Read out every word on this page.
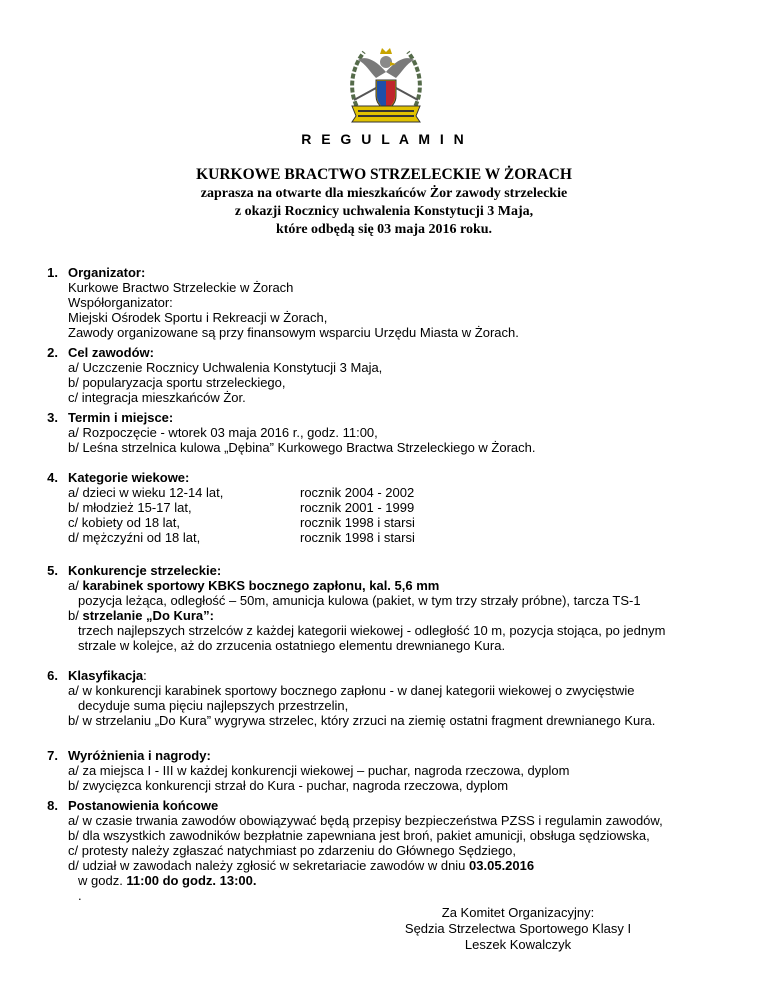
R E G U L A M I N
KURKOWE BRACTWO STRZELECKIE W ŻORACH
zaprasza na otwarte dla mieszkańców Żor zawody strzeleckie
z okazji Rocznicy uchwalenia Konstytucji 3 Maja,
które odbędą się 03 maja 2016 roku.
1. Organizator:
Kurkowe Bractwo Strzeleckie w Żorach
Współorganizator:
Miejski Ośrodek Sportu i Rekreacji w Żorach,
Zawody organizowane są przy finansowym wsparciu Urzędu Miasta w Żorach.
2. Cel zawodów:
a/ Uczczenie Rocznicy Uchwalenia Konstytucji 3 Maja,
b/ popularyzacja sportu strzeleckiego,
c/ integracja mieszkańców Żor.
3. Termin i miejsce:
a/ Rozpoczęcie - wtorek 03 maja 2016 r., godz. 11:00,
b/ Leśna strzelnica kulowa „Dębina” Kurkowego Bractwa Strzeleckiego w Żorach.
4. Kategorie wiekowe:
a/ dzieci w wieku 12-14 lat,	rocznik 2004 - 2002
b/ młodzież 15-17 lat,	rocznik 2001 - 1999
c/ kobiety od 18 lat,	rocznik 1998 i starsi
d/ mężczyźni od 18 lat,	rocznik 1998 i starsi
5. Konkurencje strzeleckie:
a/ karabinek sportowy KBKS bocznego zapłonu, kal. 5,6 mm
pozycja leżąca, odległość – 50m, amunicja kulowa (pakiet, w tym trzy strzały próbne), tarcza TS-1
b/ strzelanie „Do Kura”:
trzech najlepszych strzelców z każdej kategorii wiekowej - odległość 10 m, pozycja stojąca, po jednym
strzale w kolejce, aż do zrzucenia ostatniego elementu drewnianego Kura.
6. Klasyfikacja:
a/ w konkurencji karabinek sportowy bocznego zapłonu - w danej kategorii wiekowej o zwycięstwie
decyduje suma pięciu najlepszych przestrzelin,
b/ w strzelaniu „Do Kura” wygrywa strzelec, który zrzuci na ziemię ostatni fragment drewnianego Kura.
7. Wyróżnienia i nagrody:
a/ za miejsca I - III w każdej konkurencji wiekowej – puchar, nagroda rzeczowa, dyplom
b/ zwycięzca konkurencji strzał do Kura - puchar, nagroda rzeczowa, dyplom
8. Postanowienia końcowe
a/ w czasie trwania zawodów obowiązywać będą przepisy bezpieczeństwa PZSS i regulamin zawodów,
b/ dla wszystkich zawodników bezpłatnie zapewniana jest broń, pakiet amunicji, obsługa sędziowska,
c/ protesty należy zgłaszać natychmiast po zdarzeniu do Głównego Sędziego,
d/ udział w zawodach należy zgłosić w sekretariacie zawodów w dniu 03.05.2016
w godz. 11:00 do godz. 13:00.
.
Za Komitet Organizacyjny:
Sędzia Strzelectwa Sportowego Klasy I
Leszek Kowalczyk
